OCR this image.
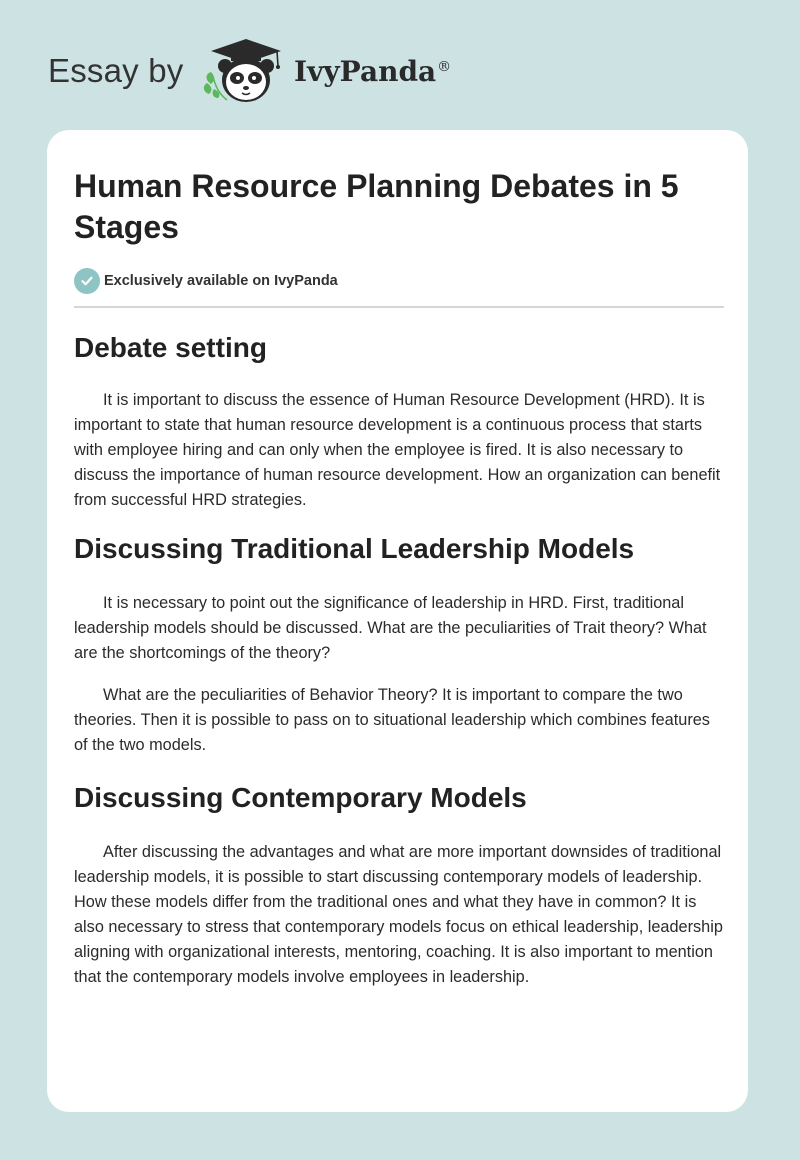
Essay by	IvyPanda®
Human Resource Planning Debates in 5 Stages
Exclusively available on IvyPanda
Debate setting

It is important to discuss the essence of Human Resource Development (HRD). It is important to state that human resource development is a continuous process that starts with employee hiring and can only when the employee is fired. It is also necessary to discuss the importance of human resource development. How an organization can benefit from successful HRD strategies.

Discussing Traditional Leadership Models

It is necessary to point out the significance of leadership in HRD. First, traditional leadership models should be discussed. What are the peculiarities of Trait theory? What are the shortcomings of the theory?

What are the peculiarities of Behavior Theory? It is important to compare the two theories. Then it is possible to pass on to situational leadership which combines features of the two models.

Discussing Contemporary Models

After discussing the advantages and what are more important downsides of traditional leadership models, it is possible to start discussing contemporary models of leadership. How these models differ from the traditional ones and what they have in common? It is also necessary to stress that contemporary models focus on ethical leadership, leadership aligning with organizational interests, mentoring, coaching. It is also important to mention that the contemporary models involve employees in leadership.
